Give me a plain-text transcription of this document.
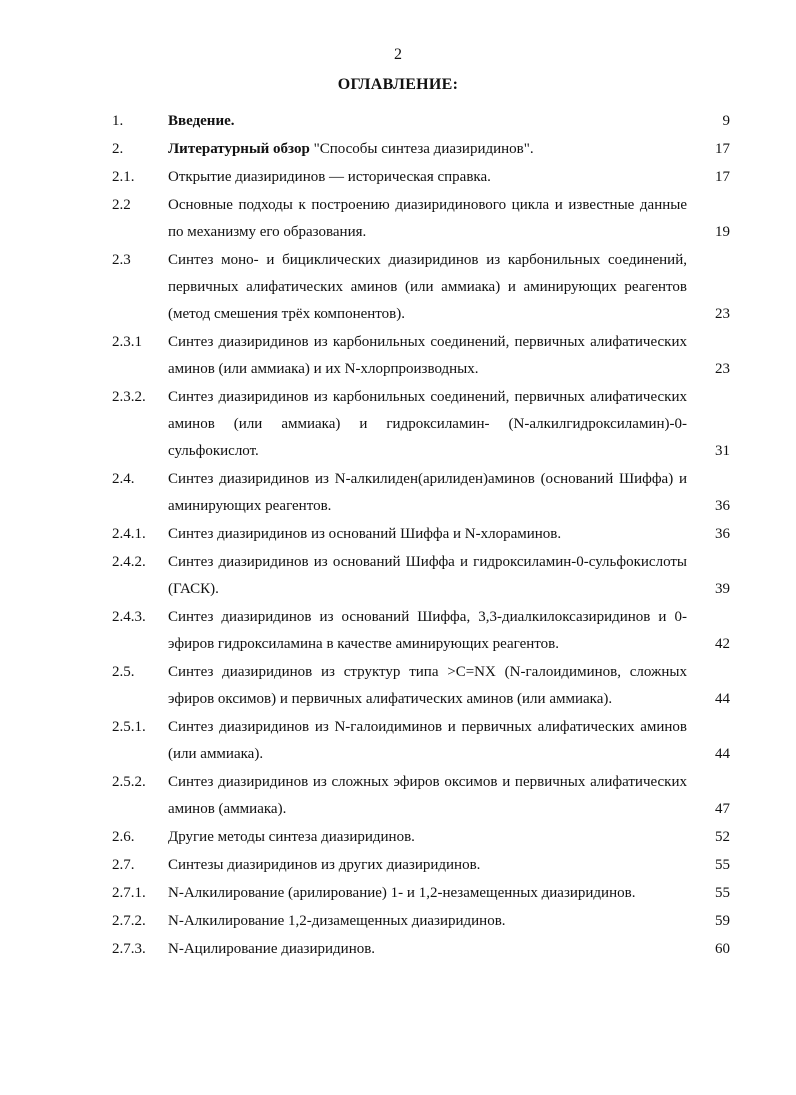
2
ОГЛАВЛЕНИЕ:
1.	Введение.	9
2.	Литературный обзор "Способы синтеза диазиридинов".	17
2.1. Открытие диазиридинов — историческая справка.	17
2.2 Основные подходы к построению диазиридинового цикла и известные данные по механизму его образования.	19
2.3 Синтез моно- и бициклических диазиридинов из карбонильных соединений, первичных алифатических аминов (или аммиака) и аминирующих реагентов (метод смешения трёх компонентов).	23
2.3.1 Синтез диазиридинов из карбонильных соединений, первичных алифатических аминов (или аммиака) и их N-хлорпроизводных.	23
2.3.2. Синтез диазиридинов из карбонильных соединений, первичных алифатических аминов (или аммиака) и гидроксиламин- (N-алкилгидроксиламин)-0-сульфокислот.	31
2.4. Синтез диазиридинов из N-алкилиден(арилиден)аминов (оснований Шиффа) и аминирующих реагентов.	36
2.4.1. Синтез диазиридинов из оснований Шиффа и N-хлораминов.	36
2.4.2. Синтез диазиридинов из оснований Шиффа и гидроксиламин-0-сульфокислоты (ГАСК).	39
2.4.3. Синтез диазиридинов из оснований Шиффа, 3,3-диалкилоксазиридинов и 0-эфиров гидроксиламина в качестве аминирующих реагентов.	42
2.5. Синтез диазиридинов из структур типа >C=NX (N-галоидиминов, сложных эфиров оксимов) и первичных алифатических аминов (или аммиака).	44
2.5.1. Синтез диазиридинов из N-галоидиминов и первичных алифатических аминов (или аммиака).	44
2.5.2. Синтез диазиридинов из сложных эфиров оксимов и первичных алифатических аминов (аммиака).	47
2.6. Другие методы синтеза диазиридинов.	52
2.7. Синтезы диазиридинов из других диазиридинов.	55
2.7.1. N-Алкилирование (арилирование) 1- и 1,2-незамещенных диазиридинов.	55
2.7.2. N-Алкилирование 1,2-дизамещенных диазиридинов.	59
2.7.3. N-Ацилирование диазиридинов.	60
